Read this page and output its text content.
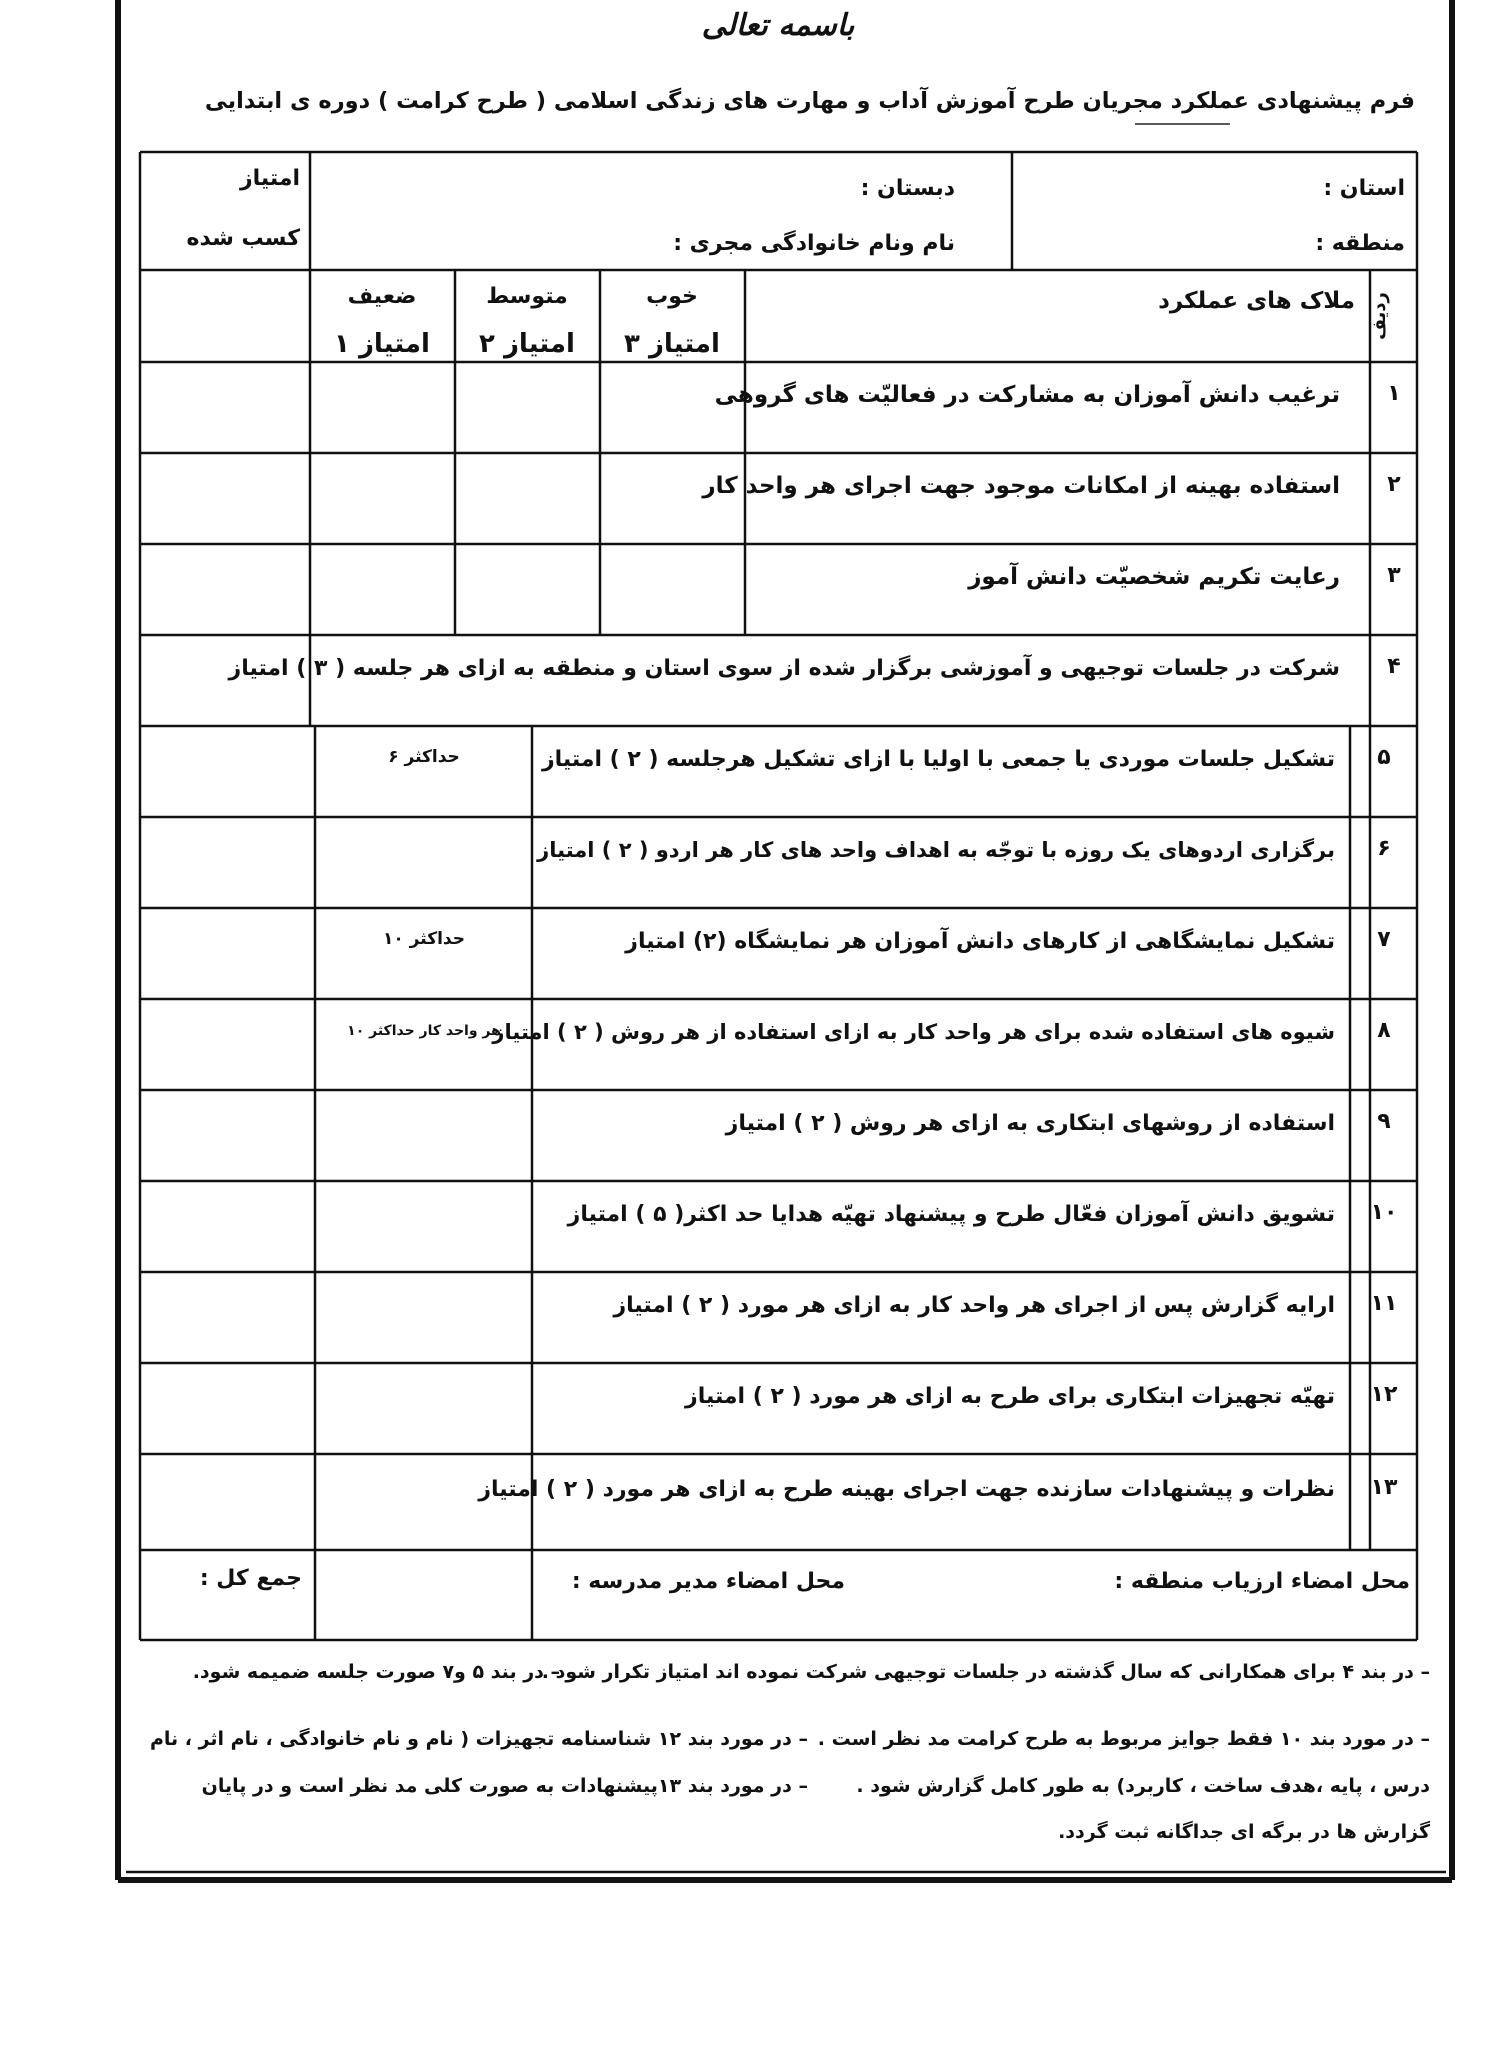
باسمه تعالی
فرم پیشنهادی عملکرد مجریان طرح آموزش آداب و مهارت های زندگی اسلامی ( طرح کرامت ) دوره ی ابتدایی
استان :
منطقه :
دبستان :
نام ونام خانوادگی مجری :
امتیاز
کسب شده
ردیف
ملاک های عملکرد
خوب
۳ امتیاز
متوسط
۲ امتیاز
ضعیف
۱ امتیاز
۱
ترغیب دانش آموزان به مشارکت در فعالیّت های گروهی
۲
استفاده بهینه از امکانات موجود جهت اجرای هر واحد کار
۳
رعایت تکریم شخصیّت دانش آموز
۴
شرکت در جلسات توجیهی و آموزشی برگزار شده از سوی استان و منطقه به ازای هر جلسه ( ۳ ) امتیاز
۵
تشکیل جلسات موردی یا جمعی با اولیا با ازای تشکیل هرجلسه ( ۲ ) امتیاز
حداکثر ۶
۶
برگزاری اردوهای یک روزه با توجّه به اهداف واحد های کار هر اردو ( ۲ ) امتیاز
۷
تشکیل نمایشگاهی از کارهای دانش آموزان هر نمایشگاه (۲) امتیاز
حداکثر ۱۰
۸
شیوه های استفاده شده برای هر واحد کار به ازای استفاده از هر روش ( ۲ ) امتیاز
هر واحد کار حداکثر ۱۰
۹
استفاده از روشهای ابتکاری به ازای هر روش ( ۲ ) امتیاز
۱۰
تشویق دانش آموزان فعّال طرح و پیشنهاد تهیّه هدایا حد اکثر( ۵ ) امتیاز
۱۱
ارایه گزارش پس از اجرای هر واحد کار به ازای هر مورد ( ۲ ) امتیاز
۱۲
تهیّه تجهیزات ابتکاری برای طرح به ازای هر مورد ( ۲ ) امتیاز
۱۳
نظرات و پیشنهادات سازنده جهت اجرای بهینه طرح به ازای هر مورد ( ۲ ) امتیاز
محل امضاء ارزیاب منطقه :
محل امضاء مدیر مدرسه :
جمع کل :
– در بند ۴ برای همکارانی که سال گذشته در جلسات توجیهی شرکت نموده اند امتیاز تکرار شود .
– در بند ۵ و۷ صورت جلسه ضمیمه شود.
– در مورد بند ۱۰ فقط جوایز مربوط به طرح کرامت مد نظر است .
– در مورد بند ۱۲ شناسنامه تجهیزات ( نام و نام خانوادگی ، نام اثر ، نام
درس ، پایه ،هدف ساخت ، کاربرد) به طور کامل گزارش شود .
– در مورد بند ۱۳پیشنهادات به صورت کلی مد نظر است و در پایان
گزارش ها در برگه ای جداگانه ثبت گردد.
